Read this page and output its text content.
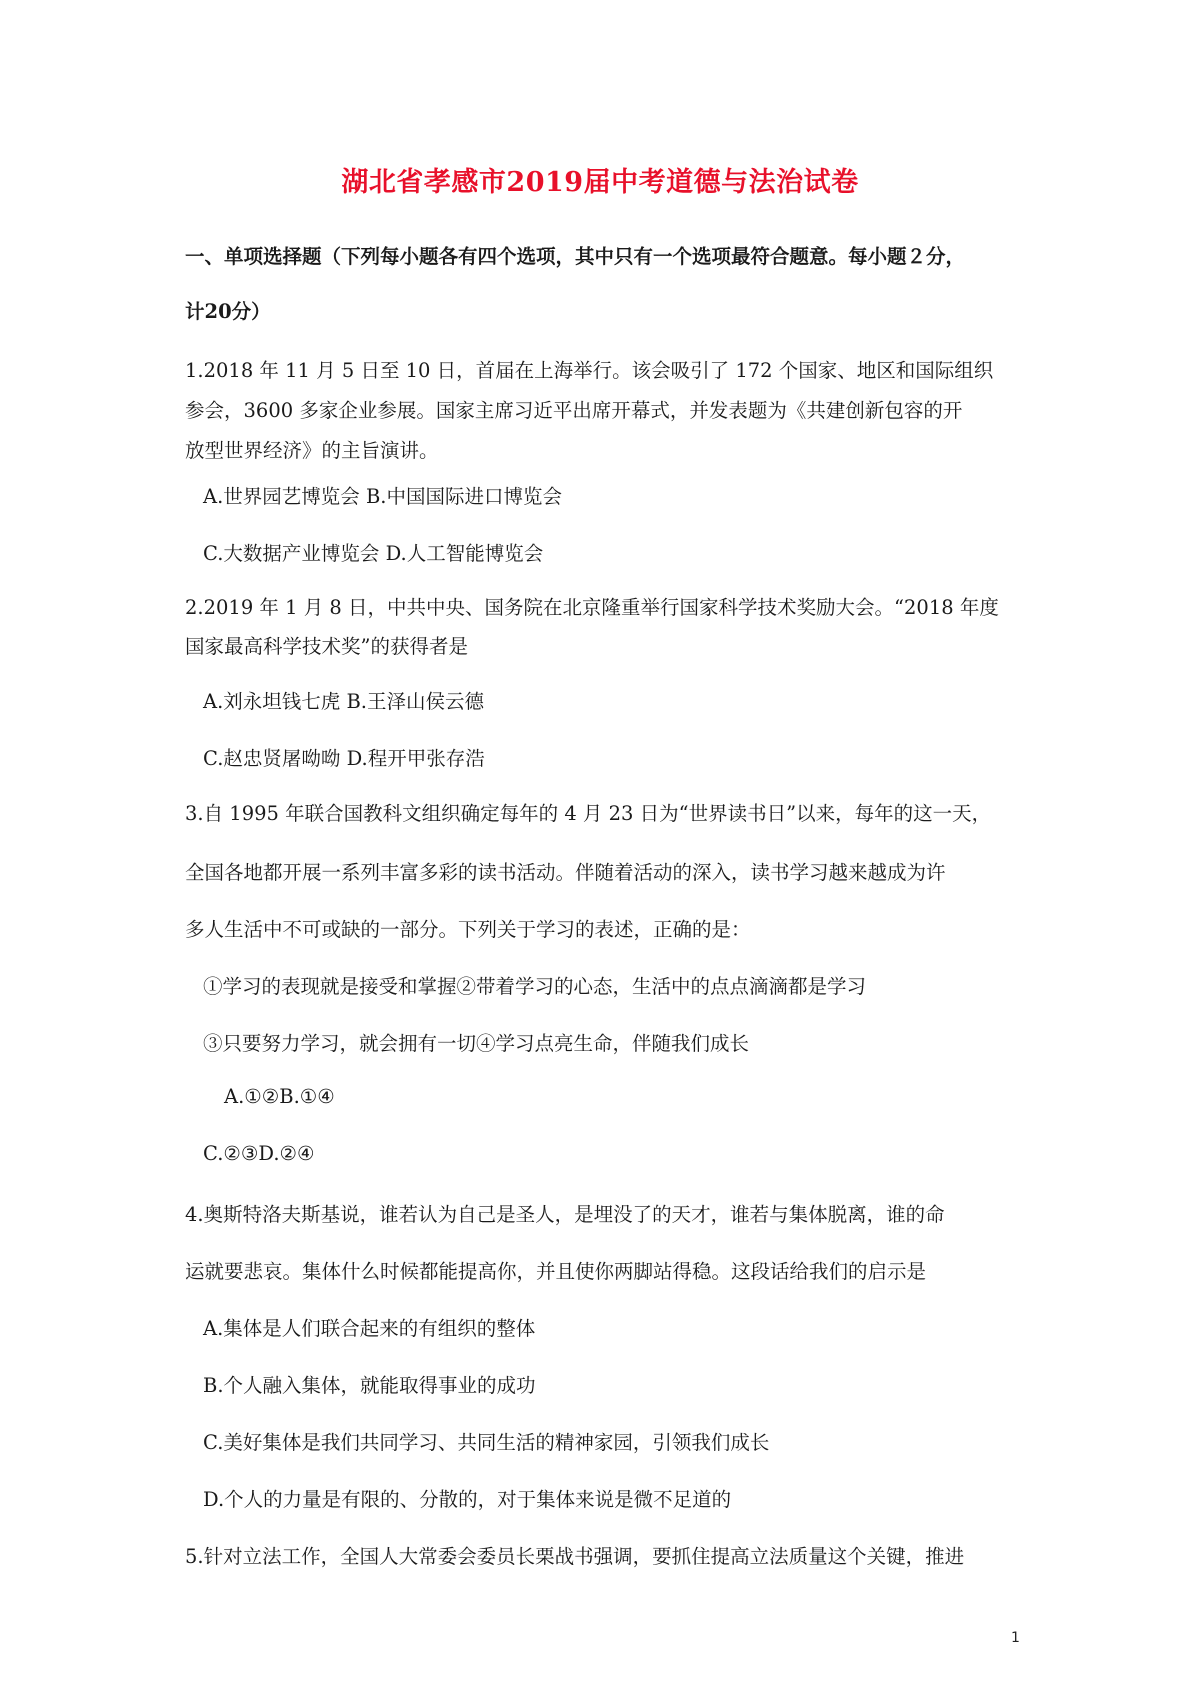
湖北省孝感市2019届中考道德与法治试卷
一、单项选择题（下列每小题各有四个选项，其中只有一个选项最符合题意。每小题２分，
计20分）
1.2018 年 11 月 5 日至 10 日，首届在上海举行。该会吸引了 172 个国家、地区和国际组织
参会，3600 多家企业参展。国家主席习近平出席开幕式，并发表题为《共建创新包容的开
放型世界经济》的主旨演讲。
A.世界园艺博览会 B.中国国际进口博览会
C.大数据产业博览会 D.人工智能博览会
2.2019 年 1 月 8 日，中共中央、国务院在北京隆重举行国家科学技术奖励大会。“2018 年度
国家最高科学技术奖”的获得者是
A.刘永坦钱七虎 B.王泽山侯云德
C.赵忠贤屠呦呦 D.程开甲张存浩
3.自 1995 年联合国教科文组织确定每年的 4 月 23 日为“世界读书日”以来，每年的这一天，
全国各地都开展一系列丰富多彩的读书活动。伴随着活动的深入，读书学习越来越成为许
多人生活中不可或缺的一部分。下列关于学习的表述，正确的是：
①学习的表现就是接受和掌握②带着学习的心态，生活中的点点滴滴都是学习
③只要努力学习，就会拥有一切④学习点亮生命，伴随我们成长
A.①②B.①④
C.②③D.②④
4.奥斯特洛夫斯基说，谁若认为自己是圣人，是埋没了的天才，谁若与集体脱离，谁的命
运就要悲哀。集体什么时候都能提高你，并且使你两脚站得稳。这段话给我们的启示是
A.集体是人们联合起来的有组织的整体
B.个人融入集体，就能取得事业的成功
C.美好集体是我们共同学习、共同生活的精神家园，引领我们成长
D.个人的力量是有限的、分散的，对于集体来说是微不足道的
5.针对立法工作，全国人大常委会委员长栗战书强调，要抓住提高立法质量这个关键，推进
1
